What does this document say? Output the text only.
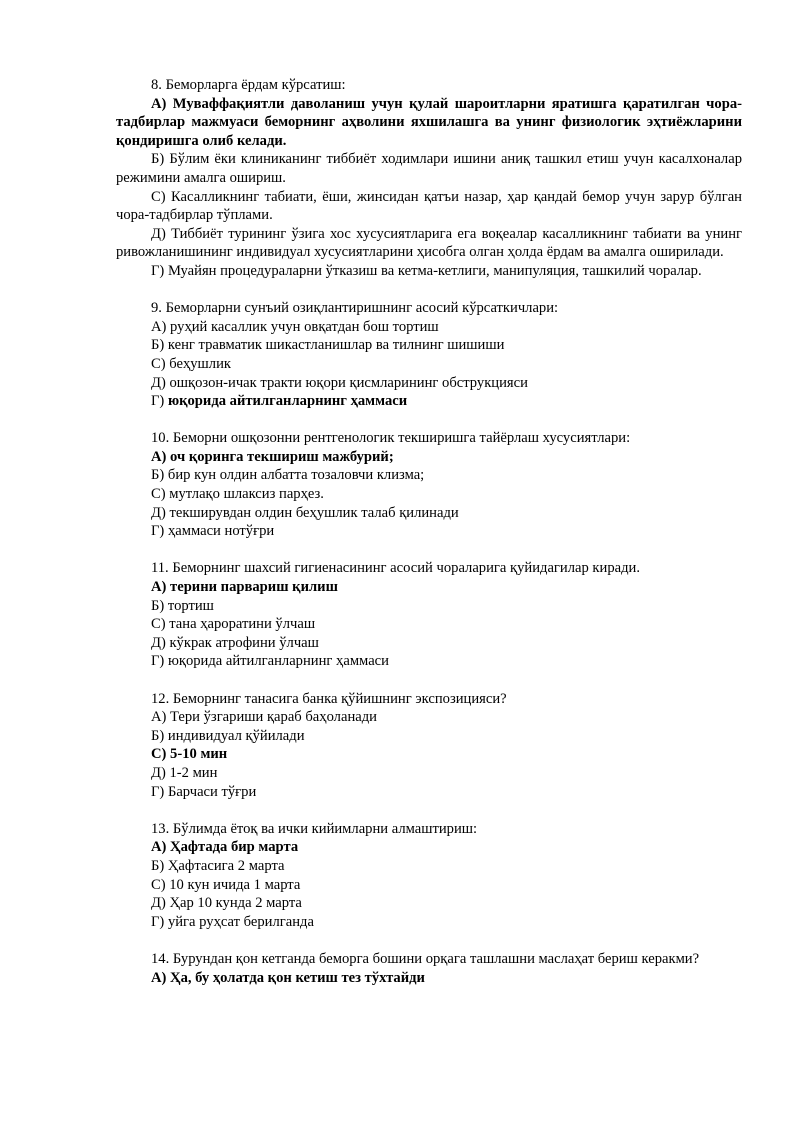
8. Беморларга ёрдам кўрсатиш:

А) Муваффақиятли даволаниш учун қулай шароитларни яратишга қаратилган чора-тадбирлар мажмуаси беморнинг аҳволини яхшилашга ва унинг физиологик эҳтиёжларини қондиришга олиб келади.

Б) Бўлим ёки клиниканинг тиббиёт ходимлари ишини аниқ ташкил етиш учун касалхоналар режимини амалга ошириш.

С) Касалликнинг табиати, ёши, жинсидан қатъи назар, ҳар қандай бемор учун зарур бўлган чора-тадбирлар тўплами.

Д) Тиббиёт турининг ўзига хос хусусиятларига ега воқеалар касалликнинг табиати ва унинг ривожланишининг индивидуал хусусиятларини ҳисобга олган ҳолда ёрдам ва амалга оширилади.

Г) Муайян процедураларни ўтказиш ва кетма-кетлиги, манипуляция, ташкилий чоралар.

9. Беморларни сунъий озиқлантиришнинг асосий кўрсаткичлари:

А) руҳий касаллик учун овқатдан бош тортиш

Б) кенг травматик шикастланишлар ва тилнинг шишиши

С) беҳушлик

Д) ошқозон-ичак тракти юқори қисмларининг обструкцияси

Г) юқорида айтилганларнинг ҳаммаси

10. Беморни ошқозонни рентгенологик текширишга тайёрлаш хусусиятлари:

А) оч қоринга текшириш мажбурий;

Б) бир кун олдин албатта тозаловчи клизма;

С) мутлақо шлаксиз парҳез.

Д) текширувдан олдин беҳушлик талаб қилинади

Г) ҳаммаси нотўғри

11. Беморнинг шахсий гигиенасининг асосий чораларига қуйидагилар киради.

А) терини парвариш қилиш

Б) тортиш

С) тана ҳароратини ўлчаш

Д) кўкрак атрофини ўлчаш

Г) юқорида айтилганларнинг ҳаммаси

12. Беморнинг танасига банка қўйишнинг экспозицияси?

А) Тери ўзгариши қараб баҳоланади

Б) индивидуал қўйилади

С) 5-10 мин

Д) 1-2 мин

Г) Барчаси тўғри

13. Бўлимда ётоқ ва ички кийимларни алмаштириш:

А) Ҳафтада бир марта

Б) Ҳафтасига 2 марта

С) 10 кун ичида 1 марта

Д) Ҳар 10 кунда 2 марта

Г) уйга руҳсат берилганда

14. Бурундан қон кетганда беморга бошини орқага ташлашни маслаҳат бериш керакми?

А) Ҳа, бу ҳолатда қон кетиш тез тўхтайди
